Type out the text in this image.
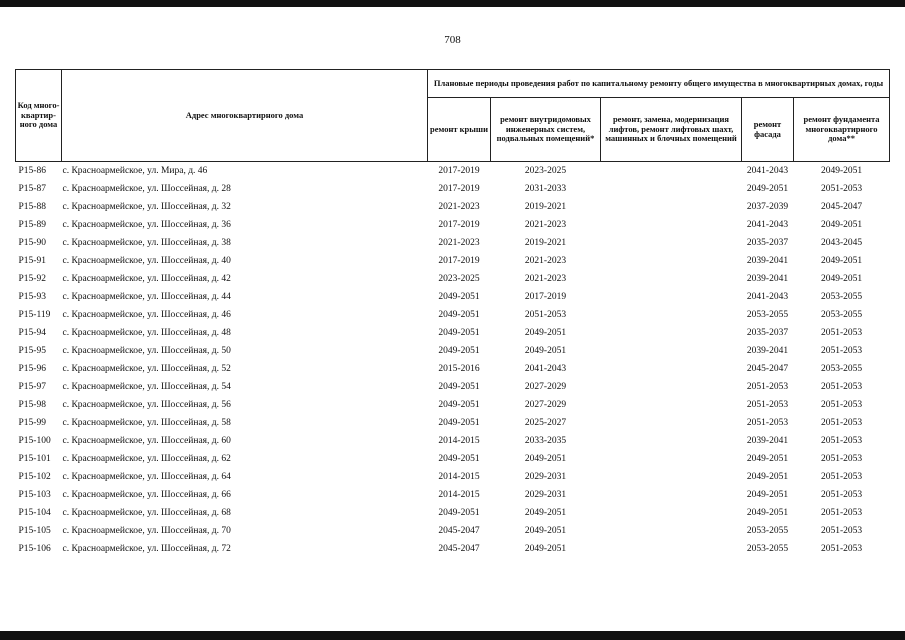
708
Код много-квартир-ного дома	Адрес многоквартирного дома	Плановые периоды проведения работ по капитальному ремонту общего имущества в многоквартирных домах, годы				
		ремонт крыши	ремонт внутридомовых инженерных систем, подвальных помещений*	ремонт, замена, модернизация лифтов, ремонт лифтовых шахт, машинных и блочных помещений	ремонт фасада	ремонт фундамента многоквартирного дома**
P15-86	с. Красноармейское, ул. Мира, д. 46	2017-2019	2023-2025		2041-2043	2049-2051
P15-87	с. Красноармейское, ул. Шоссейная, д. 28	2017-2019	2031-2033		2049-2051	2051-2053
P15-88	с. Красноармейское, ул. Шоссейная, д. 32	2021-2023	2019-2021		2037-2039	2045-2047
P15-89	с. Красноармейское, ул. Шоссейная, д. 36	2017-2019	2021-2023		2041-2043	2049-2051
P15-90	с. Красноармейское, ул. Шоссейная, д. 38	2021-2023	2019-2021		2035-2037	2043-2045
P15-91	с. Красноармейское, ул. Шоссейная, д. 40	2017-2019	2021-2023		2039-2041	2049-2051
P15-92	с. Красноармейское, ул. Шоссейная, д. 42	2023-2025	2021-2023		2039-2041	2049-2051
P15-93	с. Красноармейское, ул. Шоссейная, д. 44	2049-2051	2017-2019		2041-2043	2053-2055
P15-119	с. Красноармейское, ул. Шоссейная, д. 46	2049-2051	2051-2053		2053-2055	2053-2055
P15-94	с. Красноармейское, ул. Шоссейная, д. 48	2049-2051	2049-2051		2035-2037	2051-2053
P15-95	с. Красноармейское, ул. Шоссейная, д. 50	2049-2051	2049-2051		2039-2041	2051-2053
P15-96	с. Красноармейское, ул. Шоссейная, д. 52	2015-2016	2041-2043		2045-2047	2053-2055
P15-97	с. Красноармейское, ул. Шоссейная, д. 54	2049-2051	2027-2029		2051-2053	2051-2053
P15-98	с. Красноармейское, ул. Шоссейная, д. 56	2049-2051	2027-2029		2051-2053	2051-2053
P15-99	с. Красноармейское, ул. Шоссейная, д. 58	2049-2051	2025-2027		2051-2053	2051-2053
P15-100	с. Красноармейское, ул. Шоссейная, д. 60	2014-2015	2033-2035		2039-2041	2051-2053
P15-101	с. Красноармейское, ул. Шоссейная, д. 62	2049-2051	2049-2051		2049-2051	2051-2053
P15-102	с. Красноармейское, ул. Шоссейная, д. 64	2014-2015	2029-2031		2049-2051	2051-2053
P15-103	с. Красноармейское, ул. Шоссейная, д. 66	2014-2015	2029-2031		2049-2051	2051-2053
P15-104	с. Красноармейское, ул. Шоссейная, д. 68	2049-2051	2049-2051		2049-2051	2051-2053
P15-105	с. Красноармейское, ул. Шоссейная, д. 70	2045-2047	2049-2051		2053-2055	2051-2053
P15-106	с. Красноармейское, ул. Шоссейная, д. 72	2045-2047	2049-2051		2053-2055	2051-2053
